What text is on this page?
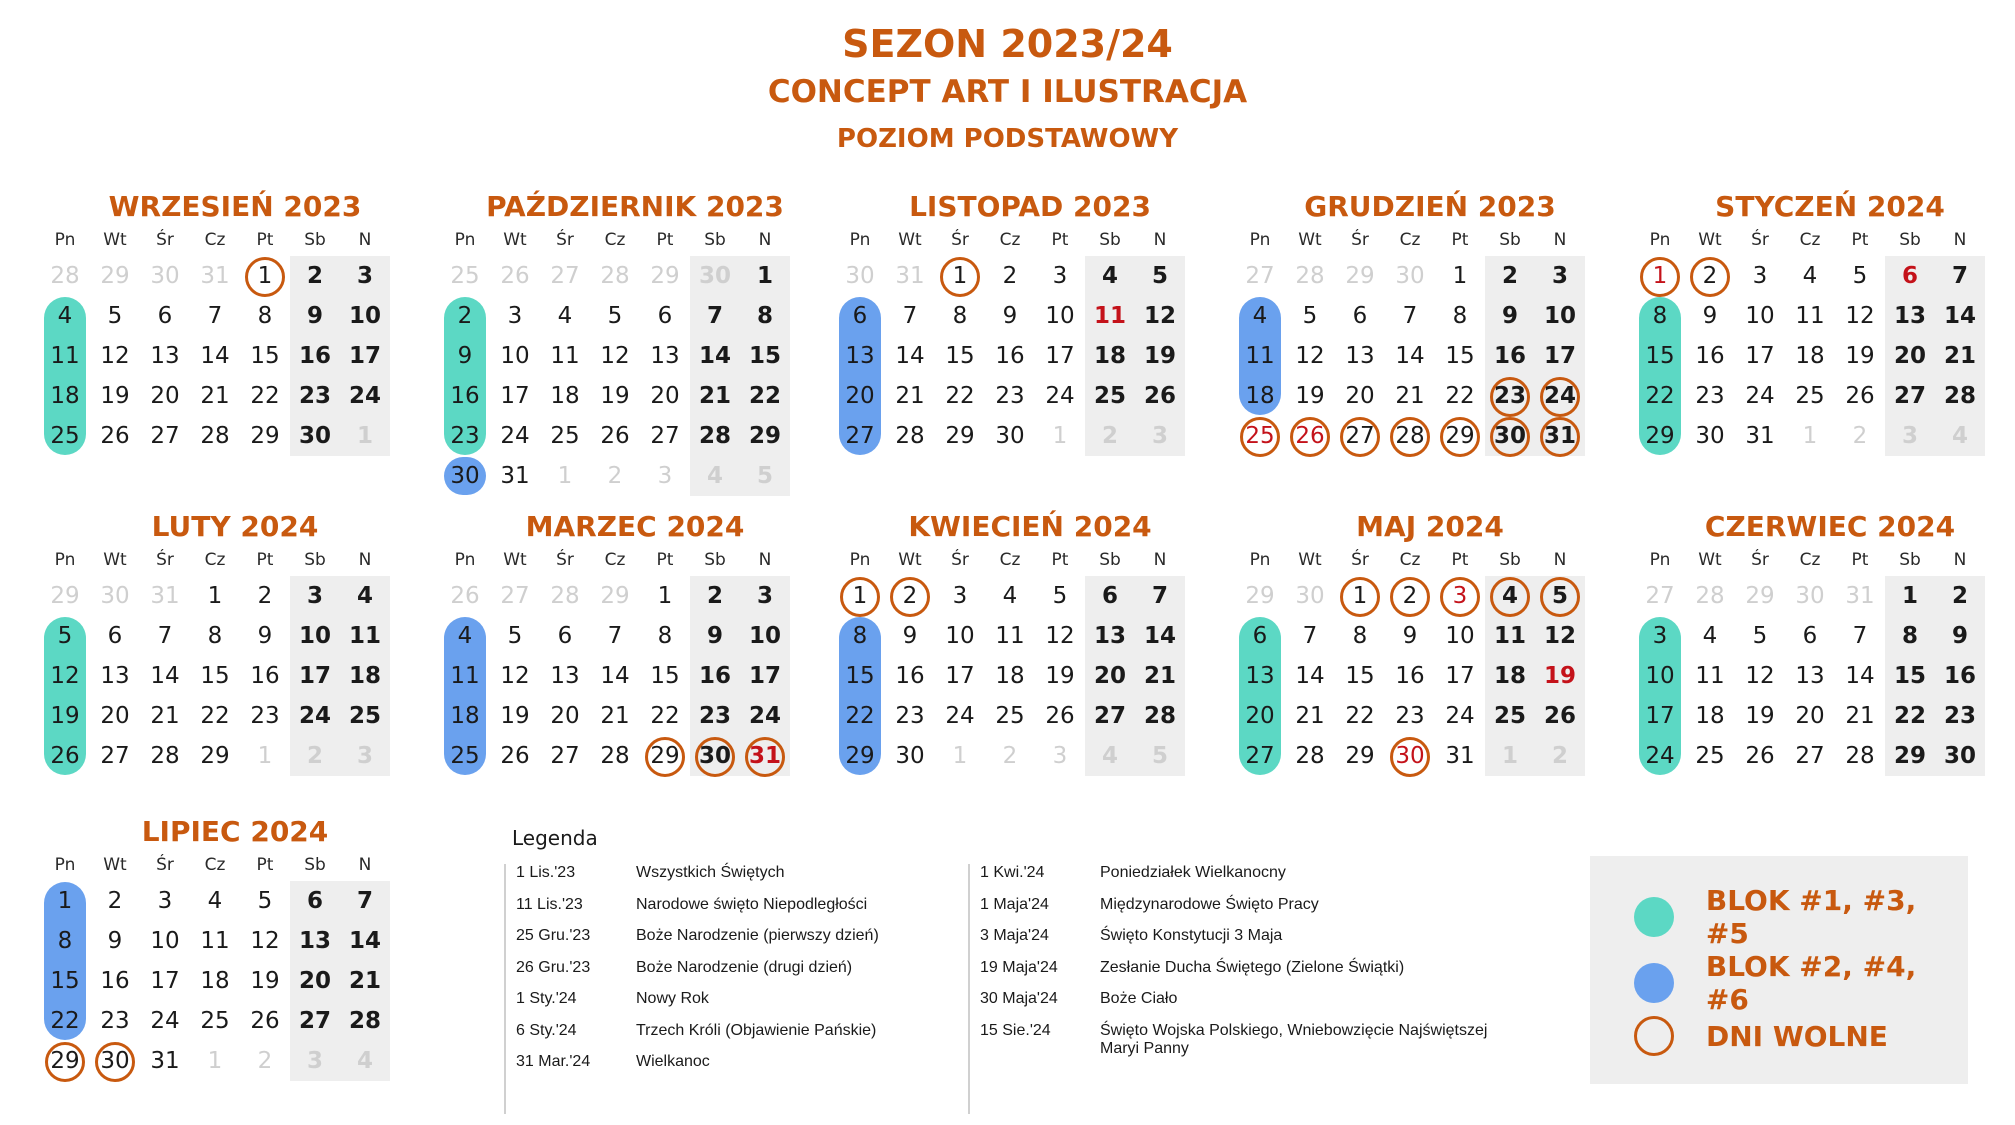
SEZON 2023/24
CONCEPT ART I ILUSTRACJA
POZIOM PODSTAWOWY
WRZESIEŃ 2023
Pn	Wt	Śr	Cz	Pt	Sb	N
28 29 30 31 1 2 3
4 5 6 7 8 9 10
11 12 13 14 15 16 17
18 19 20 21 22 23 24
25 26 27 28 29 30 1
PAŹDZIERNIK 2023
Pn	Wt	Śr	Cz	Pt	Sb	N
25 26 27 28 29 30 1
2 3 4 5 6 7 8
9 10 11 12 13 14 15
16 17 18 19 20 21 22
23 24 25 26 27 28 29
30 31 1 2 3 4 5
LISTOPAD 2023
Pn	Wt	Śr	Cz	Pt	Sb	N
30 31 1 2 3 4 5
6 7 8 9 10 11 12
13 14 15 16 17 18 19
20 21 22 23 24 25 26
27 28 29 30 1 2 3
GRUDZIEŃ 2023
Pn	Wt	Śr	Cz	Pt	Sb	N
27 28 29 30 1 2 3
4 5 6 7 8 9 10
11 12 13 14 15 16 17
18 19 20 21 22 23 24
25 26 27 28 29 30 31
STYCZEŃ 2024
Pn	Wt	Śr	Cz	Pt	Sb	N
1 2 3 4 5 6 7
8 9 10 11 12 13 14
15 16 17 18 19 20 21
22 23 24 25 26 27 28
29 30 31 1 2 3 4
LUTY 2024
Pn	Wt	Śr	Cz	Pt	Sb	N
29 30 31 1 2 3 4
5 6 7 8 9 10 11
12 13 14 15 16 17 18
19 20 21 22 23 24 25
26 27 28 29 1 2 3
MARZEC 2024
Pn	Wt	Śr	Cz	Pt	Sb	N
26 27 28 29 1 2 3
4 5 6 7 8 9 10
11 12 13 14 15 16 17
18 19 20 21 22 23 24
25 26 27 28 29 30 31
KWIECIEŃ 2024
Pn	Wt	Śr	Cz	Pt	Sb	N
1 2 3 4 5 6 7
8 9 10 11 12 13 14
15 16 17 18 19 20 21
22 23 24 25 26 27 28
29 30 1 2 3 4 5
MAJ 2024
Pn	Wt	Śr	Cz	Pt	Sb	N
29 30 1 2 3 4 5
6 7 8 9 10 11 12
13 14 15 16 17 18 19
20 21 22 23 24 25 26
27 28 29 30 31 1 2
CZERWIEC 2024
Pn	Wt	Śr	Cz	Pt	Sb	N
27 28 29 30 31 1 2
3 4 5 6 7 8 9
10 11 12 13 14 15 16
17 18 19 20 21 22 23
24 25 26 27 28 29 30
LIPIEC 2024
Pn	Wt	Śr	Cz	Pt	Sb	N
1 2 3 4 5 6 7
8 9 10 11 12 13 14
15 16 17 18 19 20 21
22 23 24 25 26 27 28
29 30 31 1 2 3 4
Legenda
1 Lis.'23	Wszystkich Świętych
11 Lis.'23	Narodowe święto Niepodległości
25 Gru.'23	Boże Narodzenie (pierwszy dzień)
26 Gru.'23	Boże Narodzenie (drugi dzień)
1 Sty.'24	Nowy Rok
6 Sty.'24	Trzech Króli (Objawienie Pańskie)
31 Mar.'24	Wielkanoc
1 Kwi.'24	Poniedziałek Wielkanocny
1 Maja'24	Międzynarodowe Święto Pracy
3 Maja'24	Święto Konstytucji 3 Maja
19 Maja'24	Zesłanie Ducha Świętego (Zielone Świątki)
30 Maja'24	Boże Ciało
15 Sie.'24	Święto Wojska Polskiego, Wniebowzięcie Najświętszej Maryi Panny
BLOK #1, #3, #5
BLOK #2, #4, #6
DNI WOLNE
